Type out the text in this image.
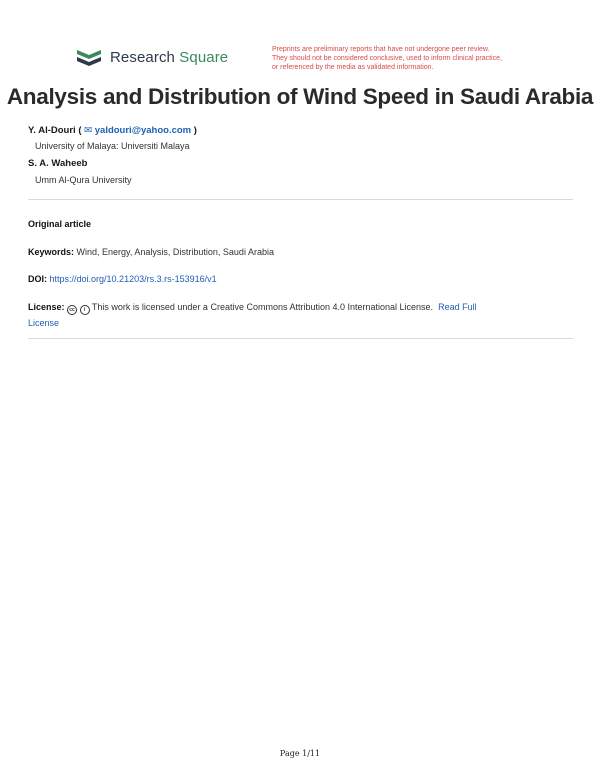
Research Square	Preprints are preliminary reports that have not undergone peer review.
They should not be considered conclusive, used to inform clinical practice,
or referenced by the media as validated information.
Analysis and Distribution of Wind Speed in Saudi Arabia
Y. Al-Douri ( ✉ yaldouri@yahoo.com )
University of Malaya: Universiti Malaya
S. A. Waheeb
Umm Al-Qura University
Original article
Keywords: Wind, Energy, Analysis, Distribution, Saudi Arabia
DOI: https://doi.org/10.21203/rs.3.rs-153916/v1
License: cc i This work is licensed under a Creative Commons Attribution 4.0 International License. Read Full
License
Page 1/11
